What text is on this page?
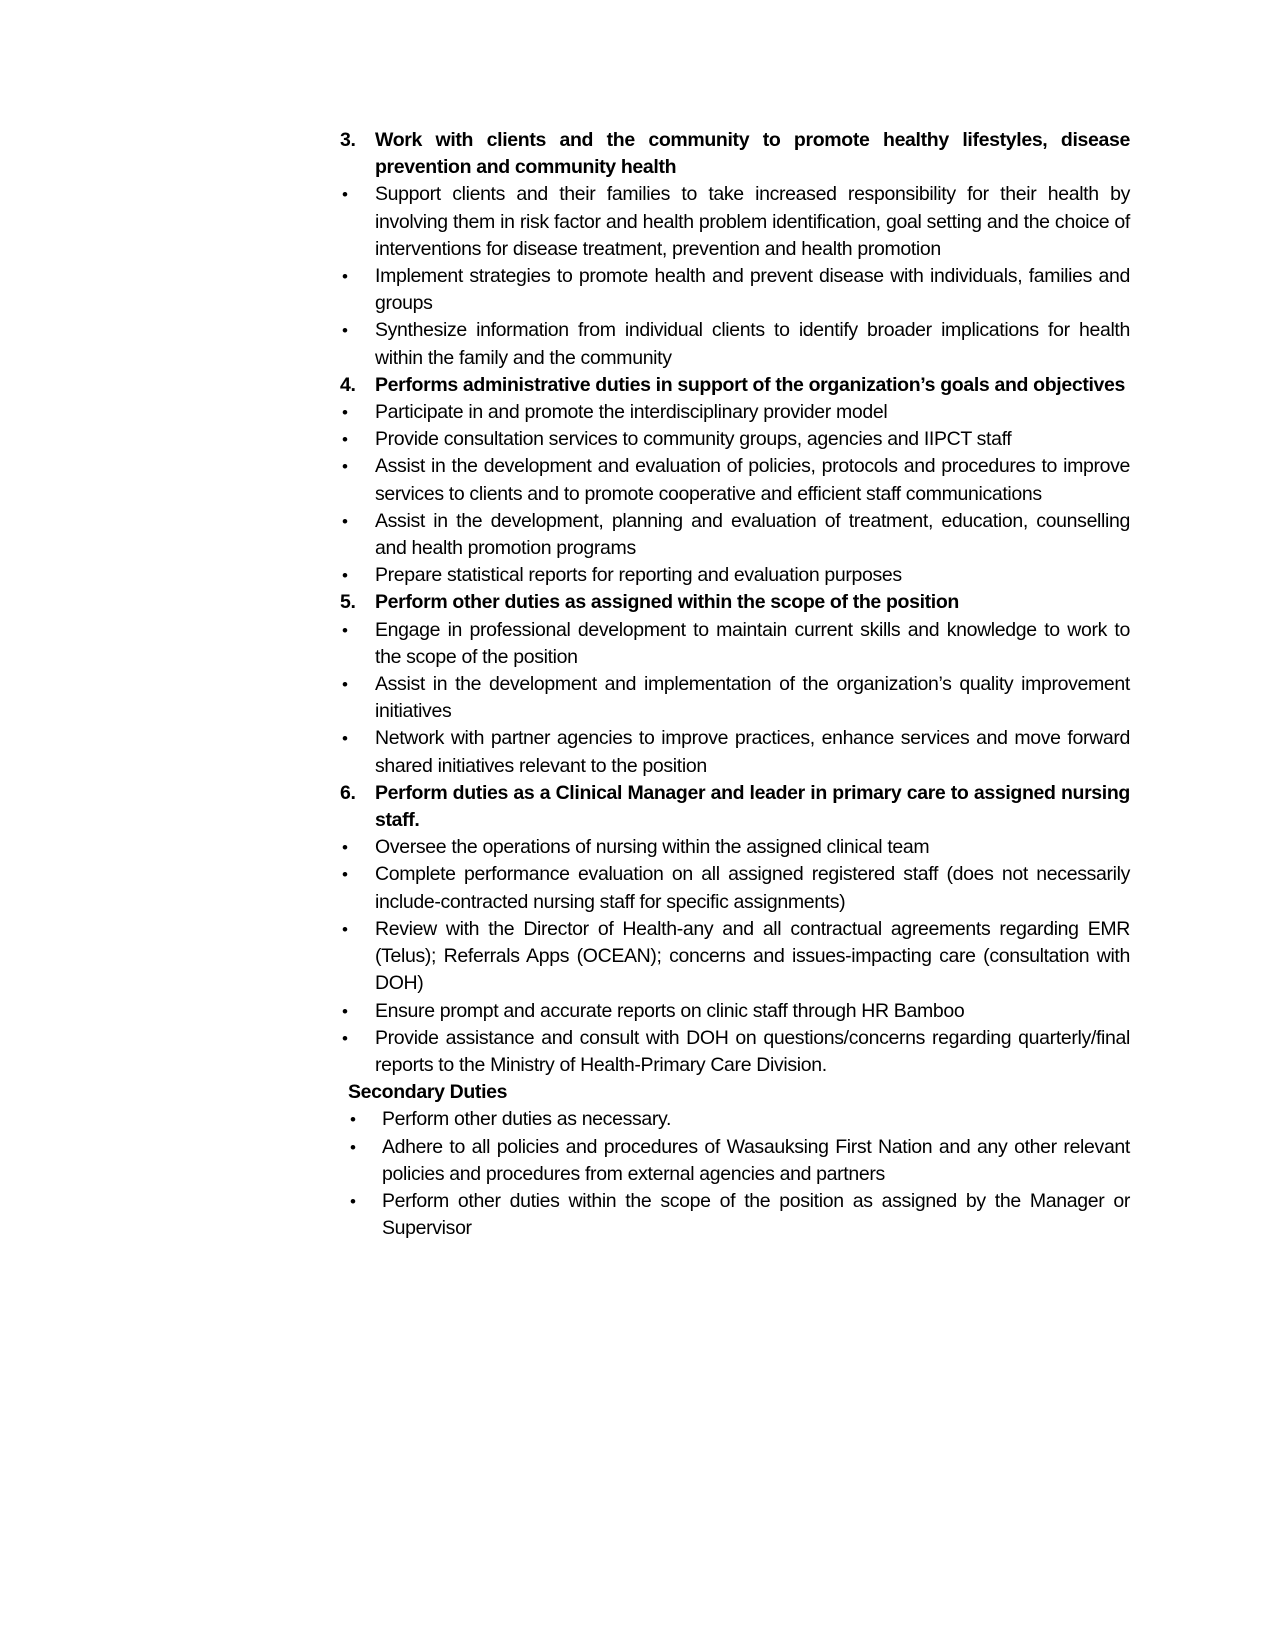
3. Work with clients and the community to promote healthy lifestyles, disease prevention and community health
•	Support clients and their families to take increased responsibility for their health by involving them in risk factor and health problem identification, goal setting and the choice of interventions for disease treatment, prevention and health promotion
•	Implement strategies to promote health and prevent disease with individuals, families and groups
•	Synthesize information from individual clients to identify broader implications for health within the family and the community
4. Performs administrative duties in support of the organization’s goals and objectives
•	Participate in and promote the interdisciplinary provider model
•	Provide consultation services to community groups, agencies and IIPCT staff
•	Assist in the development and evaluation of policies, protocols and procedures to improve services to clients and to promote cooperative and efficient staff communications
•	Assist in the development, planning and evaluation of treatment, education, counselling and health promotion programs
•	Prepare statistical reports for reporting and evaluation purposes
5. Perform other duties as assigned within the scope of the position
•	Engage in professional development to maintain current skills and knowledge to work to the scope of the position
•	Assist in the development and implementation of the organization’s quality improvement initiatives
•	Network with partner agencies to improve practices, enhance services and move forward shared initiatives relevant to the position
6. Perform duties as a Clinical Manager and leader in primary care to assigned nursing staff.
•	Oversee the operations of nursing within the assigned clinical team
•	Complete performance evaluation on all assigned registered staff (does not necessarily include-contracted nursing staff for specific assignments)
•	Review with the Director of Health-any and all contractual agreements regarding EMR (Telus); Referrals Apps (OCEAN); concerns and issues-impacting care (consultation with DOH)
•	Ensure prompt and accurate reports on clinic staff through HR Bamboo
•	Provide assistance and consult with DOH on questions/concerns regarding quarterly/final reports to the Ministry of Health-Primary Care Division.
Secondary Duties
•	Perform other duties as necessary.
•	Adhere to all policies and procedures of Wasauksing First Nation and any other relevant policies and procedures from external agencies and partners
•	Perform other duties within the scope of the position as assigned by the Manager or Supervisor
